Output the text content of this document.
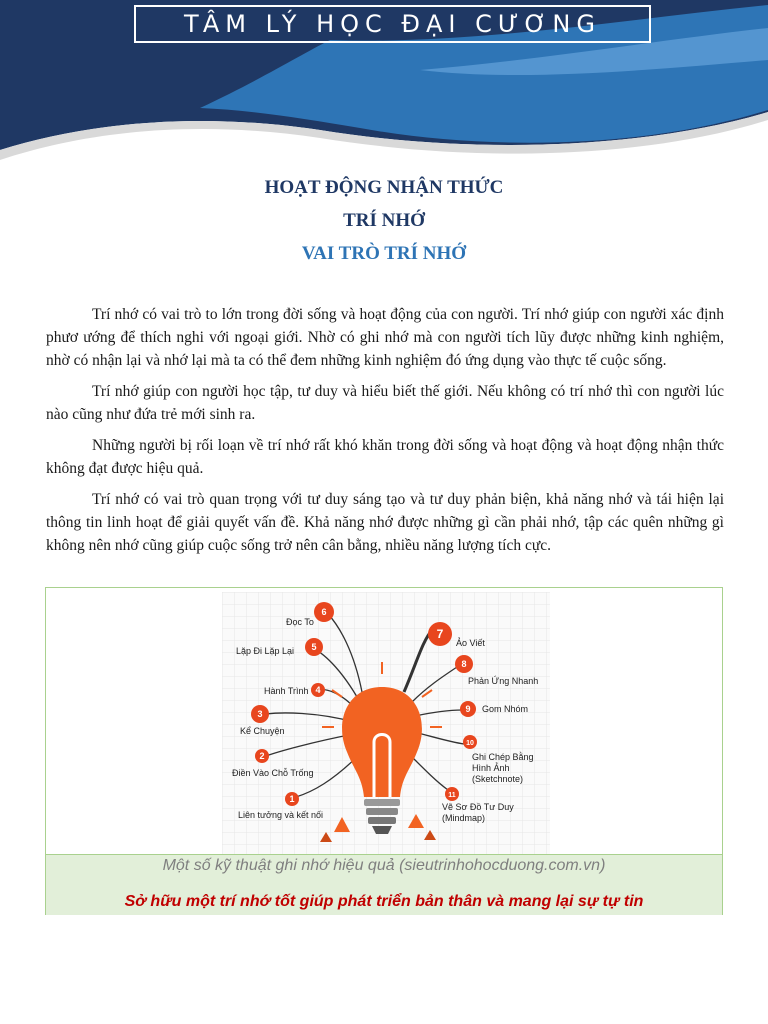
TÂM LÝ HỌC ĐẠI CƯƠNG
HOẠT ĐỘNG NHẬN THỨC
TRÍ NHỚ
VAI TRÒ TRÍ NHỚ

Trí nhớ có vai trò to lớn trong đời sống và hoạt động của con người. Trí nhớ giúp con người xác định phươ ướng để thích nghi với ngoại giới. Nhờ có ghi nhớ mà con người tích lũy được những kinh nghiệm, nhờ có nhận lại và nhớ lại mà ta có thể đem những kinh nghiệm đó ứng dụng vào thực tế cuộc sống.

Trí nhớ giúp con người học tập, tư duy và hiểu biết thế giới. Nếu không có trí nhớ thì con người lúc nào cũng như đứa trẻ mới sinh ra.

Những người bị rối loạn về trí nhớ rất khó khăn trong đời sống và hoạt động và hoạt động nhận thức không đạt được hiệu quả.

Trí nhớ có vai trò quan trọng với tư duy sáng tạo và tư duy phản biện, khả năng nhớ và tái hiện lại thông tin linh hoạt để giải quyết vấn đề. Khả năng nhớ được những gì cần phải nhớ, tập các quên những gì không nên nhớ cũng giúp cuộc sống trở nên cân bằng, nhiều năng lượng tích cực.

6
Đọc To
5
Lặp Đi Lặp Lại
4
Hành Trình
3
Kể Chuyện
2
Điền Vào Chỗ Trống
1
Liên tưởng và kết nối
7
Ảo Viết
8
Phản Ứng Nhanh
9 Gom Nhóm
10
Ghi Chép Bằng
Hình Ảnh
(Sketchnote)
11
Vẽ Sơ Đồ Tư Duy
(Mindmap)
Một số kỹ thuật ghi nhớ hiệu quả (sieutrinhohocduong.com.vn)
Sở hữu một trí nhớ tốt giúp phát triển bản thân và mang lại sự tự tin
